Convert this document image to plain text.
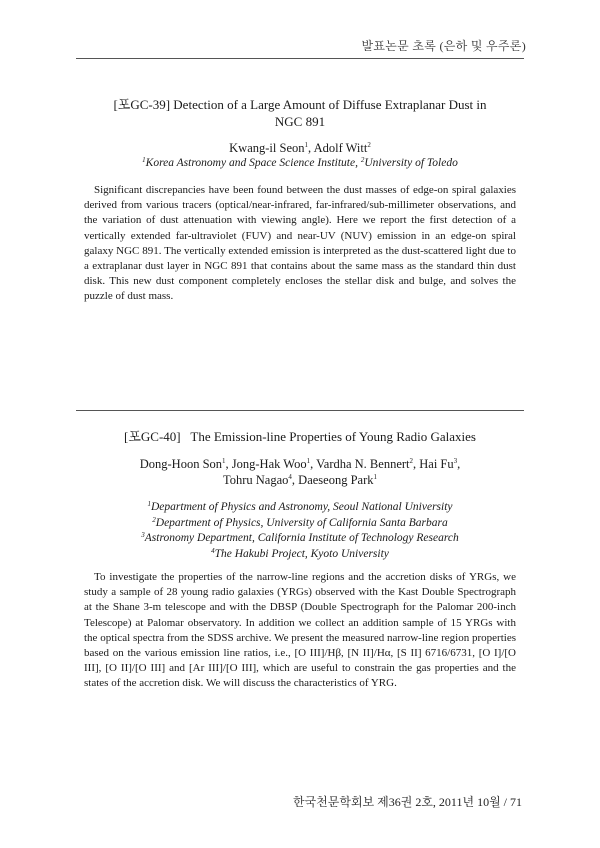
발표논문 초록 (은하 및 우주론)
[포GC-39] Detection of a Large Amount of Diffuse Extraplanar Dust in
NGC 891
Kwang-il Seon$^1$, Adolf Witt$^2$
$^1$Korea Astronomy and Space Science Institute, $^2$University of Toledo
Significant discrepancies have been found between the dust masses of edge-on spiral galaxies derived from various tracers (optical/near-infrared, far-infrared/sub-millimeter observations, and the variation of dust attenuation with viewing angle). Here we report the first detection of a vertically extended far-ultraviolet (FUV) and near-UV (NUV) emission in an edge-on spiral galaxy NGC 891. The vertically extended emission is interpreted as the dust-scattered light due to a extraplanar dust layer in NGC 891 that contains about the same mass as the standard thin dust disk. This new dust component completely encloses the stellar disk and bulge, and solves the puzzle of dust mass.
[포GC-40] The Emission-line Properties of Young Radio Galaxies
Dong-Hoon Son$^1$, Jong-Hak Woo$^1$, Vardha N. Bennert$^2$, Hai Fu$^3$,
Tohru Nagao$^4$, Daeseong Park$^1$
$^1$Department of Physics and Astronomy, Seoul National University
$^2$Department of Physics, University of California Santa Barbara
$^3$Astronomy Department, California Institute of Technology Research
$^4$The Hakubi Project, Kyoto University
To investigate the properties of the narrow-line regions and the accretion disks of YRGs, we study a sample of 28 young radio galaxies (YRGs) observed with the Kast Double Spectrograph at the Shane 3-m telescope and with the DBSP (Double Spectrograph for the Palomar 200-inch Telescope) at Palomar observatory. In addition we collect an addition sample of 15 YRGs with the optical spectra from the SDSS archive. We present the measured narrow-line region properties based on the various emission line ratios, i.e., [O III]/Hβ, [N II]/Hα, [S II] 6716/6731, [O I]/[O III], [O II]/[O III] and [Ar III]/[O III], which are useful to constrain the gas properties and the states of the accretion disk. We will discuss the characteristics of YRG.
한국천문학회보 제36권 2호, 2011년 10월 / 71
